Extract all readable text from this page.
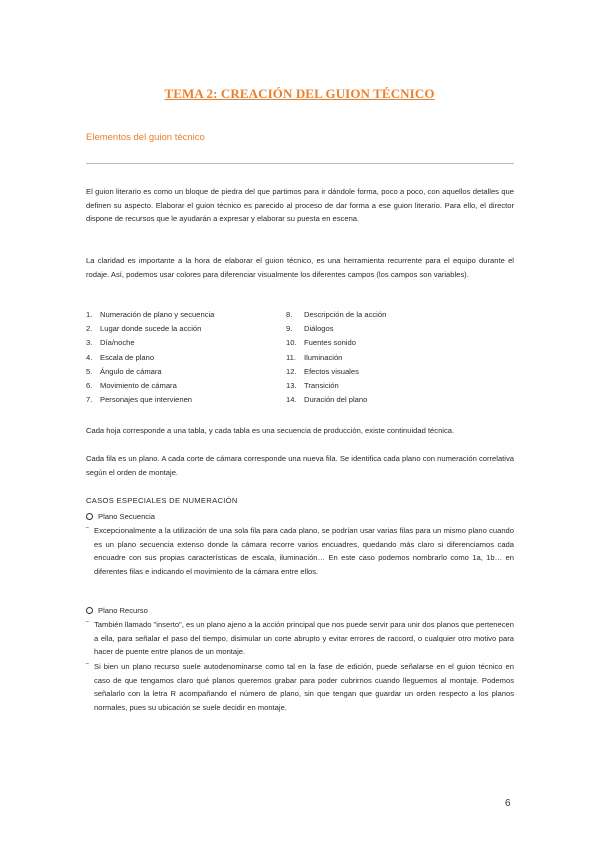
TEMA 2: CREACIÓN DEL GUION TÉCNICO
Elementos del guion técnico

El guion literario es como un bloque de piedra del que partimos para ir dándole forma, poco a poco, con aquellos detalles que definen su aspecto. Elaborar el guion técnico es parecido al proceso de dar forma a ese guion literario. Para ello, el director dispone de recursos que le ayudarán a expresar y elaborar su puesta en escena.

La claridad es importante a la hora de elaborar el guion técnico, es una herramienta recurrente para el equipo durante el rodaje. Así, podemos usar colores para diferenciar visualmente los diferentes campos (los campos son variables).

1.	Numeración de plano y secuencia
2.	Lugar donde sucede la acción
3.	Día/noche
4.	Escala de plano
5.	Ángulo de cámara
6.	Movimiento de cámara
7.	Personajes que intervienen
8.	Descripción de la acción
9.	Diálogos
10. Fuentes sonido
11.	Iluminación
12. Efectos visuales
13. Transición
14. Duración del plano

Cada hoja corresponde a una tabla, y cada tabla es una secuencia de producción, existe continuidad técnica.

Cada fila es un plano. A cada corte de cámara corresponde una nueva fila. Se identifica cada plano con numeración correlativa según el orden de montaje.

CASOS ESPECIALES DE NUMERACIÓN
Plano Secuencia
‾ Excepcionalmente a la utilización de una sola fila para cada plano, se podrían usar varias filas para un mismo plano cuando es un plano secuencia extenso donde la cámara recorre varios encuadres, quedando más claro si diferenciamos cada encuadre con sus propias características de escala, iluminación… En este caso podemos nombrarlo como 1a, 1b… en diferentes filas e indicando el movimiento de la cámara entre ellos.
Plano Recurso
‾ También llamado "inserto", es un plano ajeno a la acción principal que nos puede servir para unir dos planos que pertenecen a ella, para señalar el paso del tiempo, disimular un corte abrupto y evitar errores de raccord, o cualquier otro motivo para hacer de puente entre planos de un montaje.
‾ Si bien un plano recurso suele autodenominarse como tal en la fase de edición, puede señalarse en el guion técnico en caso de que tengamos claro qué planos queremos grabar para poder cubrirnos cuando lleguemos al montaje. Podemos señalarlo con la letra R acompañando el número de plano, sin que tengan que guardar un orden respecto a los planos normales, pues su ubicación se suele decidir en montaje.
6
